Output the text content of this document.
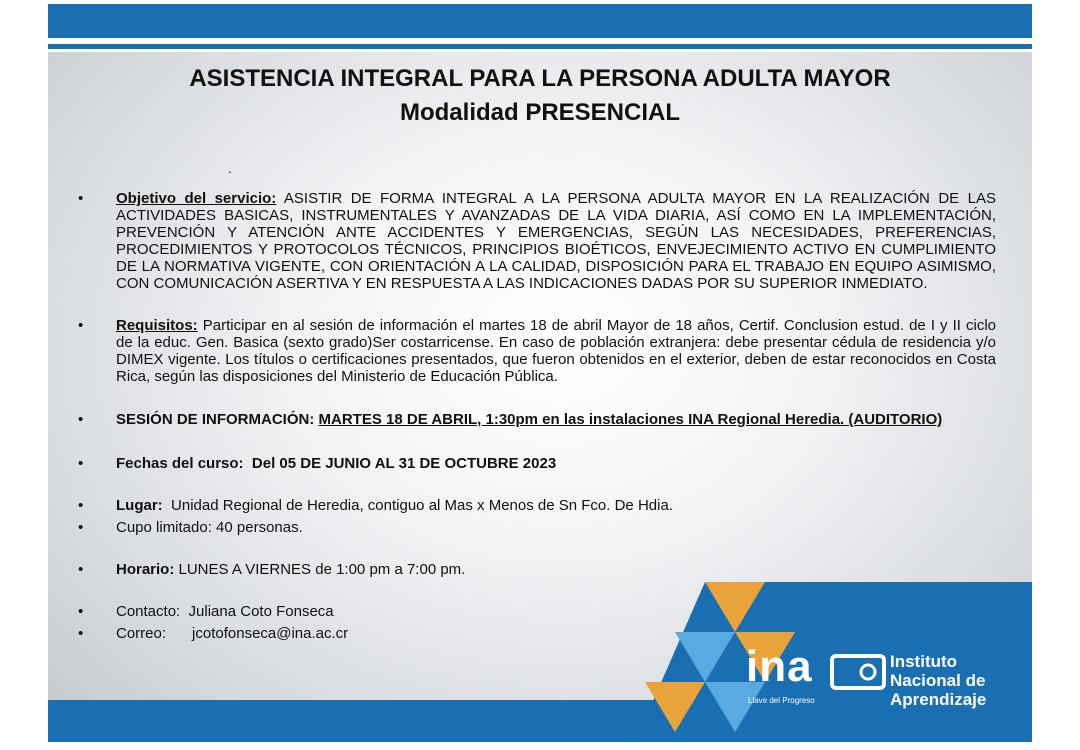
ASISTENCIA INTEGRAL PARA LA PERSONA ADULTA MAYOR
Modalidad PRESENCIAL
.
•	Objetivo del servicio: ASISTIR DE FORMA INTEGRAL A LA PERSONA ADULTA MAYOR EN LA REALIZACIÓN DE LAS ACTIVIDADES BASICAS, INSTRUMENTALES Y AVANZADAS DE LA VIDA DIARIA, ASÍ COMO EN LA IMPLEMENTACIÓN, PREVENCIÓN Y ATENCIÓN ANTE ACCIDENTES Y EMERGENCIAS, SEGÚN LAS NECESIDADES, PREFERENCIAS, PROCEDIMIENTOS Y PROTOCOLOS TÉCNICOS, PRINCIPIOS BIOÉTICOS, ENVEJECIMIENTO ACTIVO EN CUMPLIMIENTO DE LA NORMATIVA VIGENTE, CON ORIENTACIÓN A LA CALIDAD, DISPOSICIÓN PARA EL TRABAJO EN EQUIPO ASIMISMO, CON COMUNICACIÓN ASERTIVA Y EN RESPUESTA A LAS INDICACIONES DADAS POR SU SUPERIOR INMEDIATO.
•	Requisitos: Participar en al sesión de información el martes 18 de abril Mayor de 18 años, Certif. Conclusion estud. de I y II ciclo de la educ. Gen. Basica (sexto grado)Ser costarricense. En caso de población extranjera: debe presentar cédula de residencia y/o DIMEX vigente. Los títulos o certificaciones presentados, que fueron obtenidos en el exterior, deben de estar reconocidos en Costa Rica, según las disposiciones del Ministerio de Educación Pública.
•	SESIÓN DE INFORMACIÓN: MARTES 18 DE ABRIL, 1:30pm en las instalaciones INA Regional Heredia. (AUDITORIO)
•	Fechas del curso: Del 05 DE JUNIO AL 31 DE OCTUBRE 2023
•	Lugar: Unidad Regional de Heredia, contiguo al Mas x Menos de Sn Fco. De Hdia.
•	Cupo limitado: 40 personas.
•	Horario: LUNES A VIERNES de 1:00 pm a 7:00 pm.
•	Contacto:  Juliana Coto Fonseca
•	Correo: jcotofonseca@ina.ac.cr
ina
Llave del Progreso
Instituto
Nacional de
Aprendizaje
